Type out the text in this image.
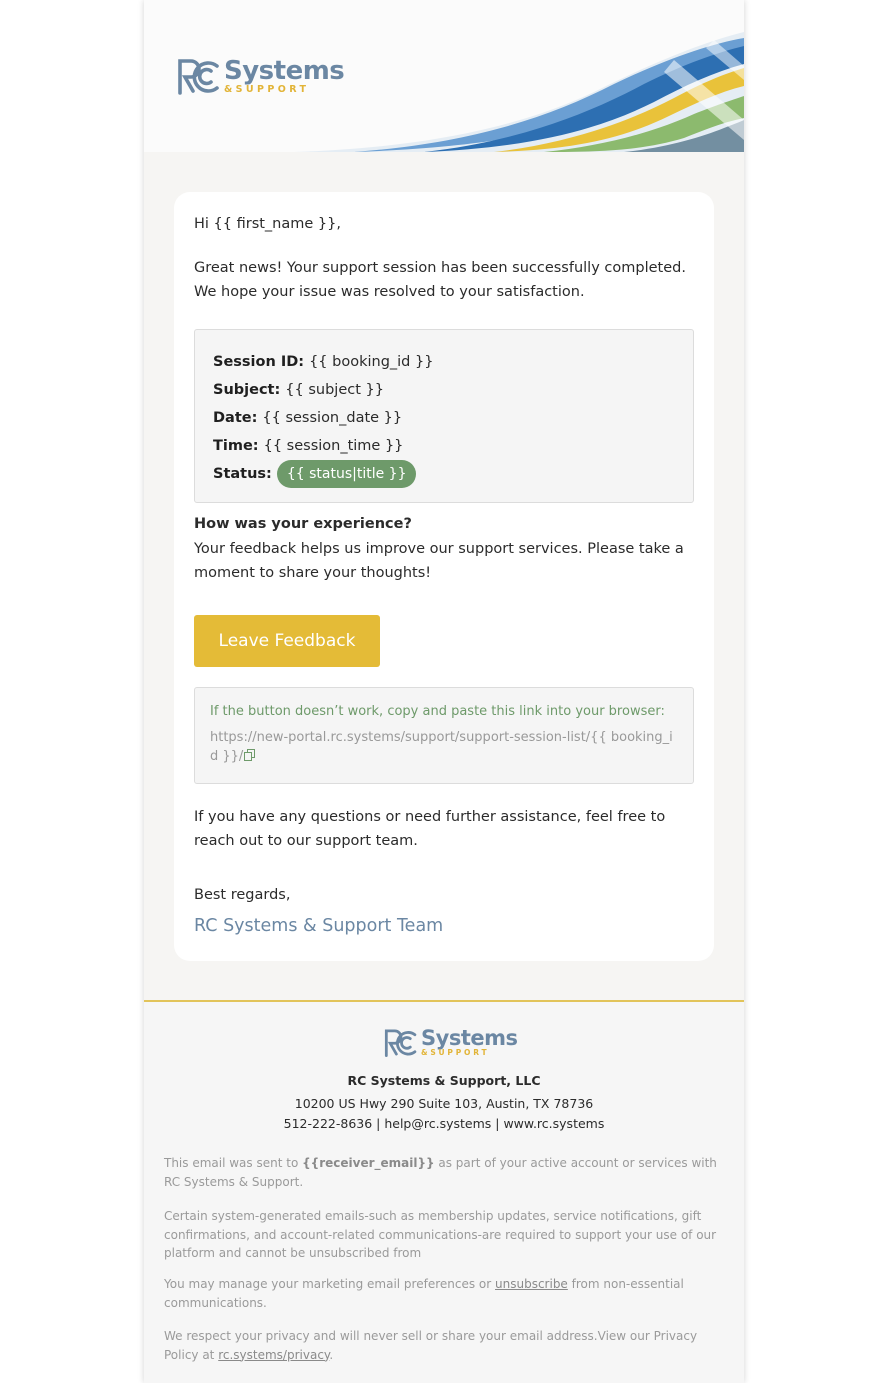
Systems
&SUPPORT
Hi {{ first_name }},
Great news! Your support session has been successfully completed. We hope your issue was resolved to your satisfaction.
Session ID: {{ booking_id }}
Subject: {{ subject }}
Date: {{ session_date }}
Time: {{ session_time }}
Status:	{{ status|title }}
How was your experience?
Your feedback helps us improve our support services. Please take a moment to share your thoughts!
Leave Feedback
If the button doesn’t work, copy and paste this link into your browser:
https://new-portal.rc.systems/support/support-session-list/{{ booking_id }}/
If you have any questions or need further assistance, feel free to reach out to our support team.
Best regards,
RC Systems & Support Team
Systems
&SUPPORT
RC Systems & Support, LLC
10200 US Hwy 290 Suite 103, Austin, TX 78736
512-222-8636 | help@rc.systems | www.rc.systems
This email was sent to {{receiver_email}} as part of your active account or services with RC Systems & Support.
Certain system-generated emails-such as membership updates, service notifications, gift confirmations, and account-related communications-are required to support your use of our platform and cannot be unsubscribed from
You may manage your marketing email preferences or unsubscribe from non-essential communications.
We respect your privacy and will never sell or share your email address.View our Privacy Policy at rc.systems/privacy.
